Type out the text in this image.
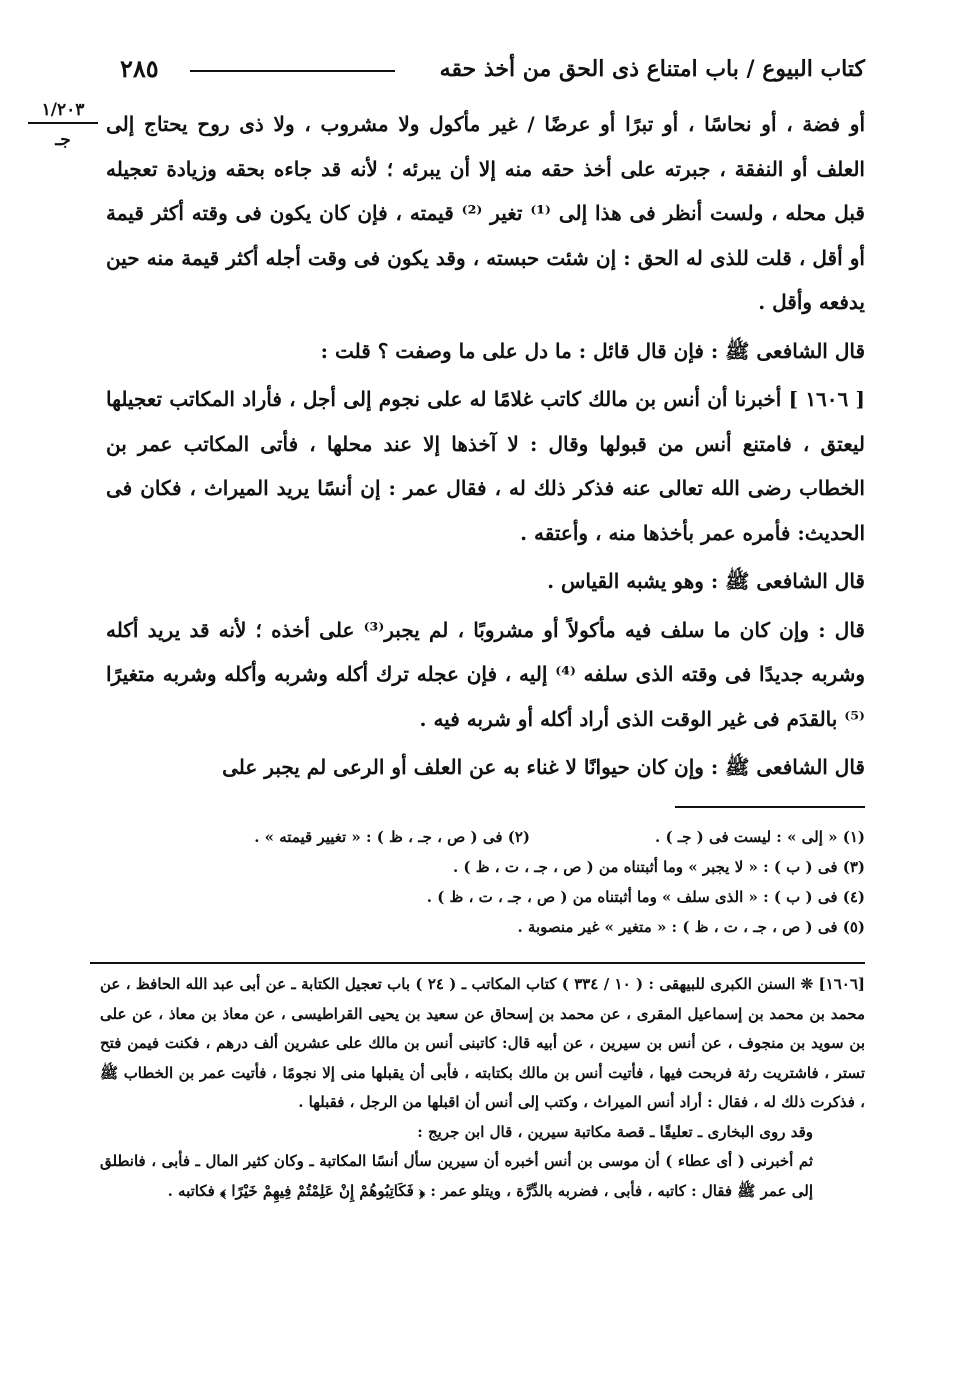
كتاب البيوع / باب امتناع ذى الحق من أخذ حقه
٢٨٥
١/٢٠٣
جـ

أو فضة ، أو نحاسًا ، أو تبرًا أو عرضًا / غير مأكول ولا مشروب ، ولا ذى روح يحتاج إلى العلف أو النفقة ، جبرته على أخذ حقه منه إلا أن يبرئه ؛ لأنه قد جاءه بحقه وزيادة تعجيله قبل محله ، ولست أنظر فى هذا إلى ⁽¹⁾ تغير ⁽²⁾ قيمته ، فإن كان يكون فى وقته أكثر قيمة أو أقل ، قلت للذى له الحق : إن شئت حبسته ، وقد يكون فى وقت أجله أكثر قيمة منه حين يدفعه وأقل .

قال الشافعى ﷺ : فإن قال قائل : ما دل على ما وصفت ؟ قلت :

[ ١٦٠٦ ] أخبرنا أن أنس بن مالك كاتب غلامًا له على نجوم إلى أجل ، فأراد المكاتب تعجيلها ليعتق ، فامتنع أنس من قبولها وقال : لا آخذها إلا عند محلها ، فأتى المكاتب عمر بن الخطاب رضى الله تعالى عنه فذكر ذلك له ، فقال عمر : إن أنسًا يريد الميراث ، فكان فى الحديث: فأمره عمر بأخذها منه ، وأعتقه .

قال الشافعى ﷺ : وهو يشبه القياس .

قال : وإن كان ما سلف فيه مأكولاً أو مشروبًا ، لم يجبر⁽³⁾ على أخذه ؛ لأنه قد يريد أكله وشربه جديدًا فى وقته الذى سلفه ⁽⁴⁾ إليه ، فإن عجله ترك أكله وشربه وأكله وشربه متغيرًا ⁽⁵⁾ بالقدَم فى غير الوقت الذى أراد أكله أو شربه فيه .

قال الشافعى ﷺ : وإن كان حيوانًا لا غناء به عن العلف أو الرعى لم يجبر على

(١) « إلى » : ليست فى ( جـ ) .
(٢) فى ( ص ، جـ ، ظ ) : « تغيير قيمته » .
(٣) فى ( ب ) : « لا يجبر » وما أثبتناه من ( ص ، جـ ، ت ، ظ ) .
(٤) فى ( ب ) : « الذى سلف » وما أثبتناه من ( ص ، جـ ، ت ، ظ ) .
(٥) فى ( ص ، جـ ، ت ، ظ ) : « متغير » غير منصوبة .

[١٦٠٦] ❊ السنن الكبرى للبيهقى : ( ١٠ / ٣٣٤ ) كتاب المكاتب ـ ( ٢٤ ) باب تعجيل الكتابة ـ عن أبى عبد الله الحافظ ، عن محمد بن محمد بن إسماعيل المقرى ، عن محمد بن إسحاق عن سعيد بن يحيى القراطيسى ، عن معاذ بن معاذ ، عن على بن سويد بن منجوف ، عن أنس بن سيرين ، عن أبيه قال: كاتبنى أنس بن مالك على عشرين ألف درهم ، فكنت فيمن فتح تستر ، فاشتريت رثة فربحت فيها ، فأتيت أنس بن مالك بكتابته ، فأبى أن يقبلها منى إلا نجومًا ، فأتيت عمر بن الخطاب ﷺ ، فذكرت ذلك له ، فقال : أراد أنس الميراث ، وكتب إلى أنس أن اقبلها من الرجل ، فقبلها .

وقد روى البخارى ـ تعليقًا ـ قصة مكاتبة سيرين ، قال ابن جريج :

ثم أخبرنى ( أى عطاء ) أن موسى بن أنس أخبره أن سيرين سأل أنسًا المكاتبة ـ وكان كثير المال ـ فأبى ، فانطلق إلى عمر ﷺ فقال : كاتبه ، فأبى ، فضربه بالدِّرَّة ، ويتلو عمر : ﴿ فَكَاتِبُوهُمْ إِنْ عَلِمْتُمْ فِيهِمْ خَيْرًا ﴾ فكاتبه .
